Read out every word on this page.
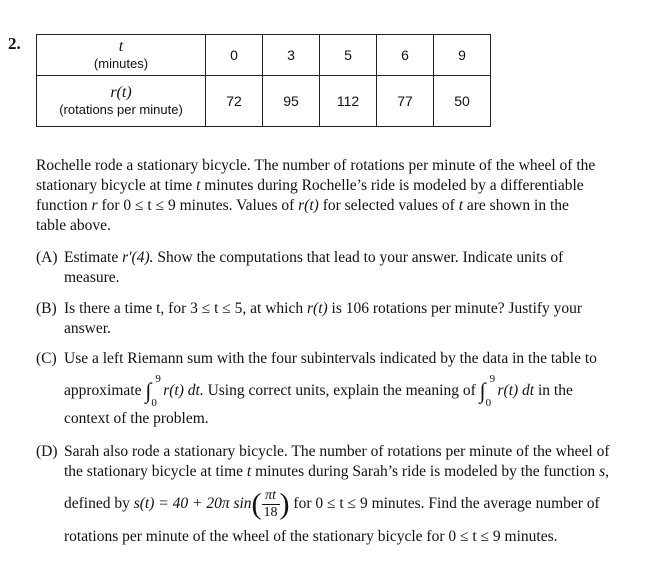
2.	t
(minutes)	0	3	5	6	9

r(t)
(rotations per minute)	72	95	112	77	50
Rochelle rode a stationary bicycle. The number of rotations per minute of the wheel of the
stationary bicycle at time t minutes during Rochelle’s ride is modeled by a differentiable
function r for 0 ≤ t ≤ 9 minutes. Values of r(t) for selected values of t are shown in the
table above.
(A) Estimate r′(4). Show the computations that lead to your answer. Indicate units of
measure.
(B) Is there a time t, for 3 ≤ t ≤ 5, at which r(t) is 106 rotations per minute? Justify your
answer.
(C) Use a left Riemann sum with the four subintervals indicated by the data in the table to
approximate ∫ 9
0
r(t) dt. Using correct units, explain the meaning of ∫ 9
0
r(t) dt in the
context of the problem.
(D) Sarah also rode a stationary bicycle. The number of rotations per minute of the wheel of
the stationary bicycle at time t minutes during Sarah’s ride is modeled by the function s,
defined by s(t) = 40 + 20π $\sin( \frac{\pi t}{18}$ ) for 0 ≤ t ≤ 9 minutes. Find the average number of
rotations per minute of the wheel of the stationary bicycle for 0 ≤ t ≤ 9 minutes.
